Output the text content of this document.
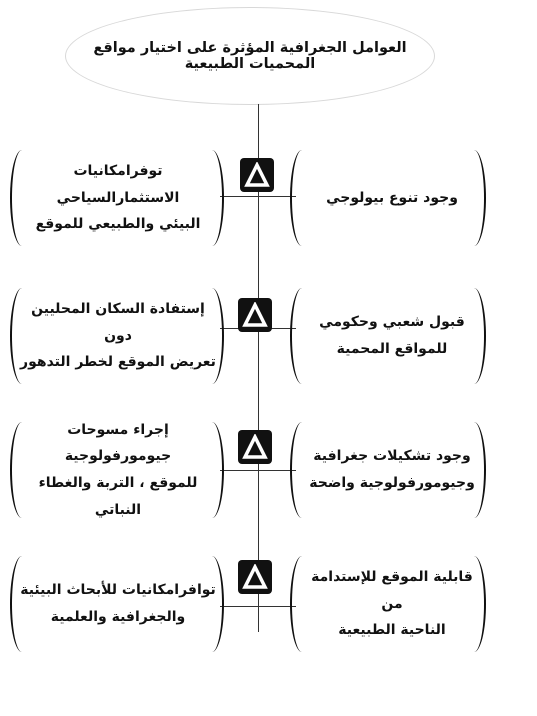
العوامل الجغرافية المؤثرة على اختيار مواقع المحميات الطبيعية
توفرامكانيات الاستثمارالسياحي
البيئي والطبيعي للموقع
وجود تنوع بيولوجي
إستفادة السكان المحليين دون
تعريض الموقع لخطر التدهور
قبول شعبي وحكومي
للمواقع المحمية
إجراء مسوحات جيومورفولوجية
للموقع ، التربة والغطاء النباتي
وجود تشكيلات جغرافية
وجيومورفولوجية واضحة
توافرامكانيات للأبحاث البيئية
والجغرافية والعلمية
قابلية الموقع للإستدامة من
الناحية الطبيعية
